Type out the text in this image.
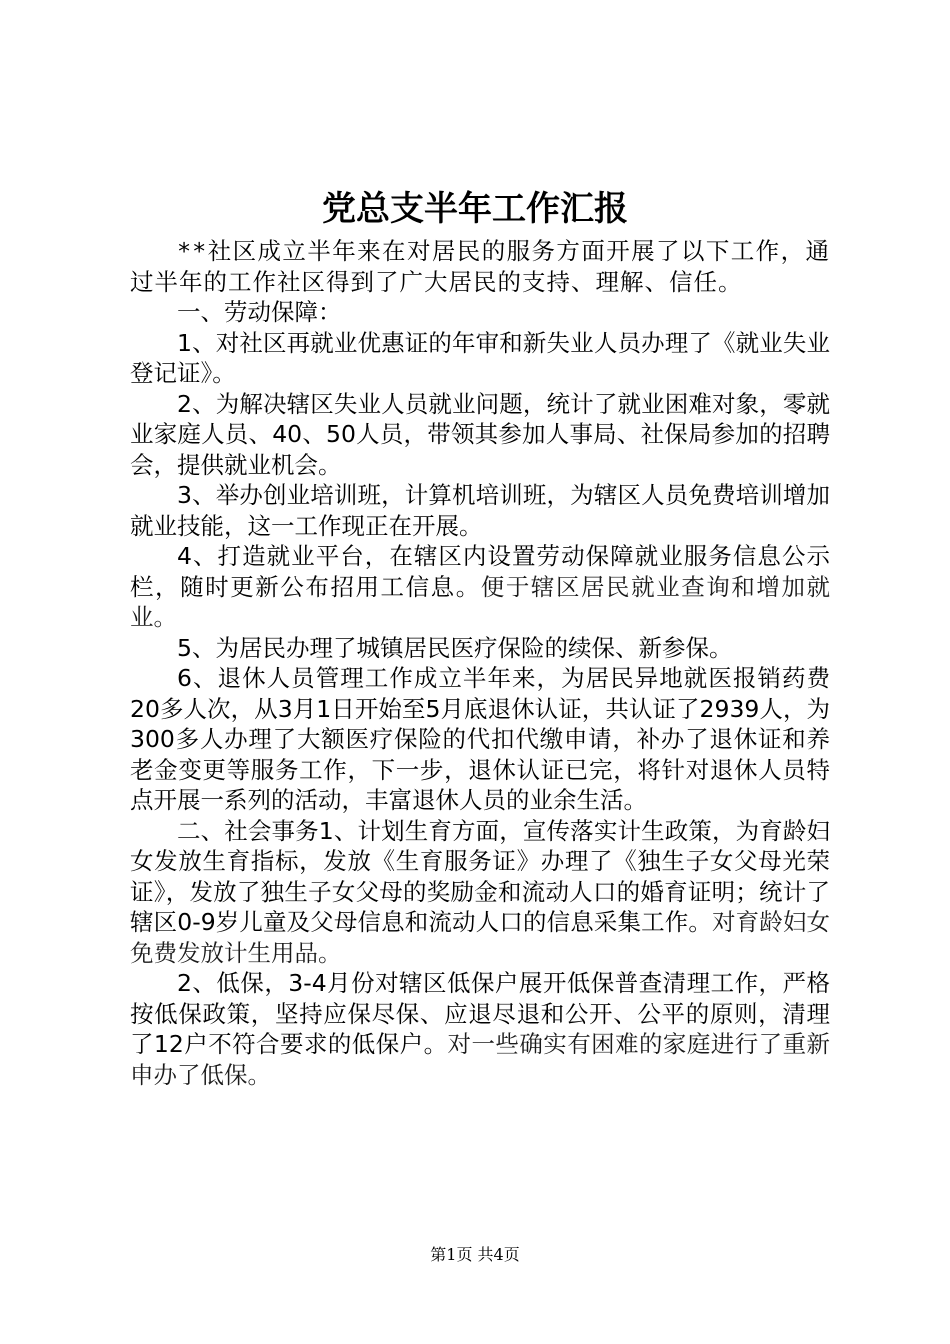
党总支半年工作汇报

**社区成立半年来在对居民的服务方面开展了以下工作，通过半年的工作社区得到了广大居民的支持、理解、信任。

一、劳动保障：

1、对社区再就业优惠证的年审和新失业人员办理了《就业失业登记证》。

2、为解决辖区失业人员就业问题，统计了就业困难对象，零就业家庭人员、40、50人员，带领其参加人事局、社保局参加的招聘会，提供就业机会。

3、举办创业培训班，计算机培训班，为辖区人员免费培训增加就业技能，这一工作现正在开展。

4、打造就业平台，在辖区内设置劳动保障就业服务信息公示栏，随时更新公布招用工信息。便于辖区居民就业查询和增加就业。

5、为居民办理了城镇居民医疗保险的续保、新参保。

6、退休人员管理工作成立半年来，为居民异地就医报销药费20多人次，从3月1日开始至5月底退休认证，共认证了2939人，为300多人办理了大额医疗保险的代扣代缴申请，补办了退休证和养老金变更等服务工作，下一步，退休认证已完，将针对退休人员特点开展一系列的活动，丰富退休人员的业余生活。

二、社会事务1、计划生育方面，宣传落实计生政策，为育龄妇女发放生育指标，发放《生育服务证》办理了《独生子女父母光荣证》，发放了独生子女父母的奖励金和流动人口的婚育证明；统计了辖区0-9岁儿童及父母信息和流动人口的信息采集工作。对育龄妇女免费发放计生用品。

2、低保，3-4月份对辖区低保户展开低保普查清理工作，严格按低保政策，坚持应保尽保、应退尽退和公开、公平的原则，清理了12户不符合要求的低保户。对一些确实有困难的家庭进行了重新申办了低保。

第1页 共4页
